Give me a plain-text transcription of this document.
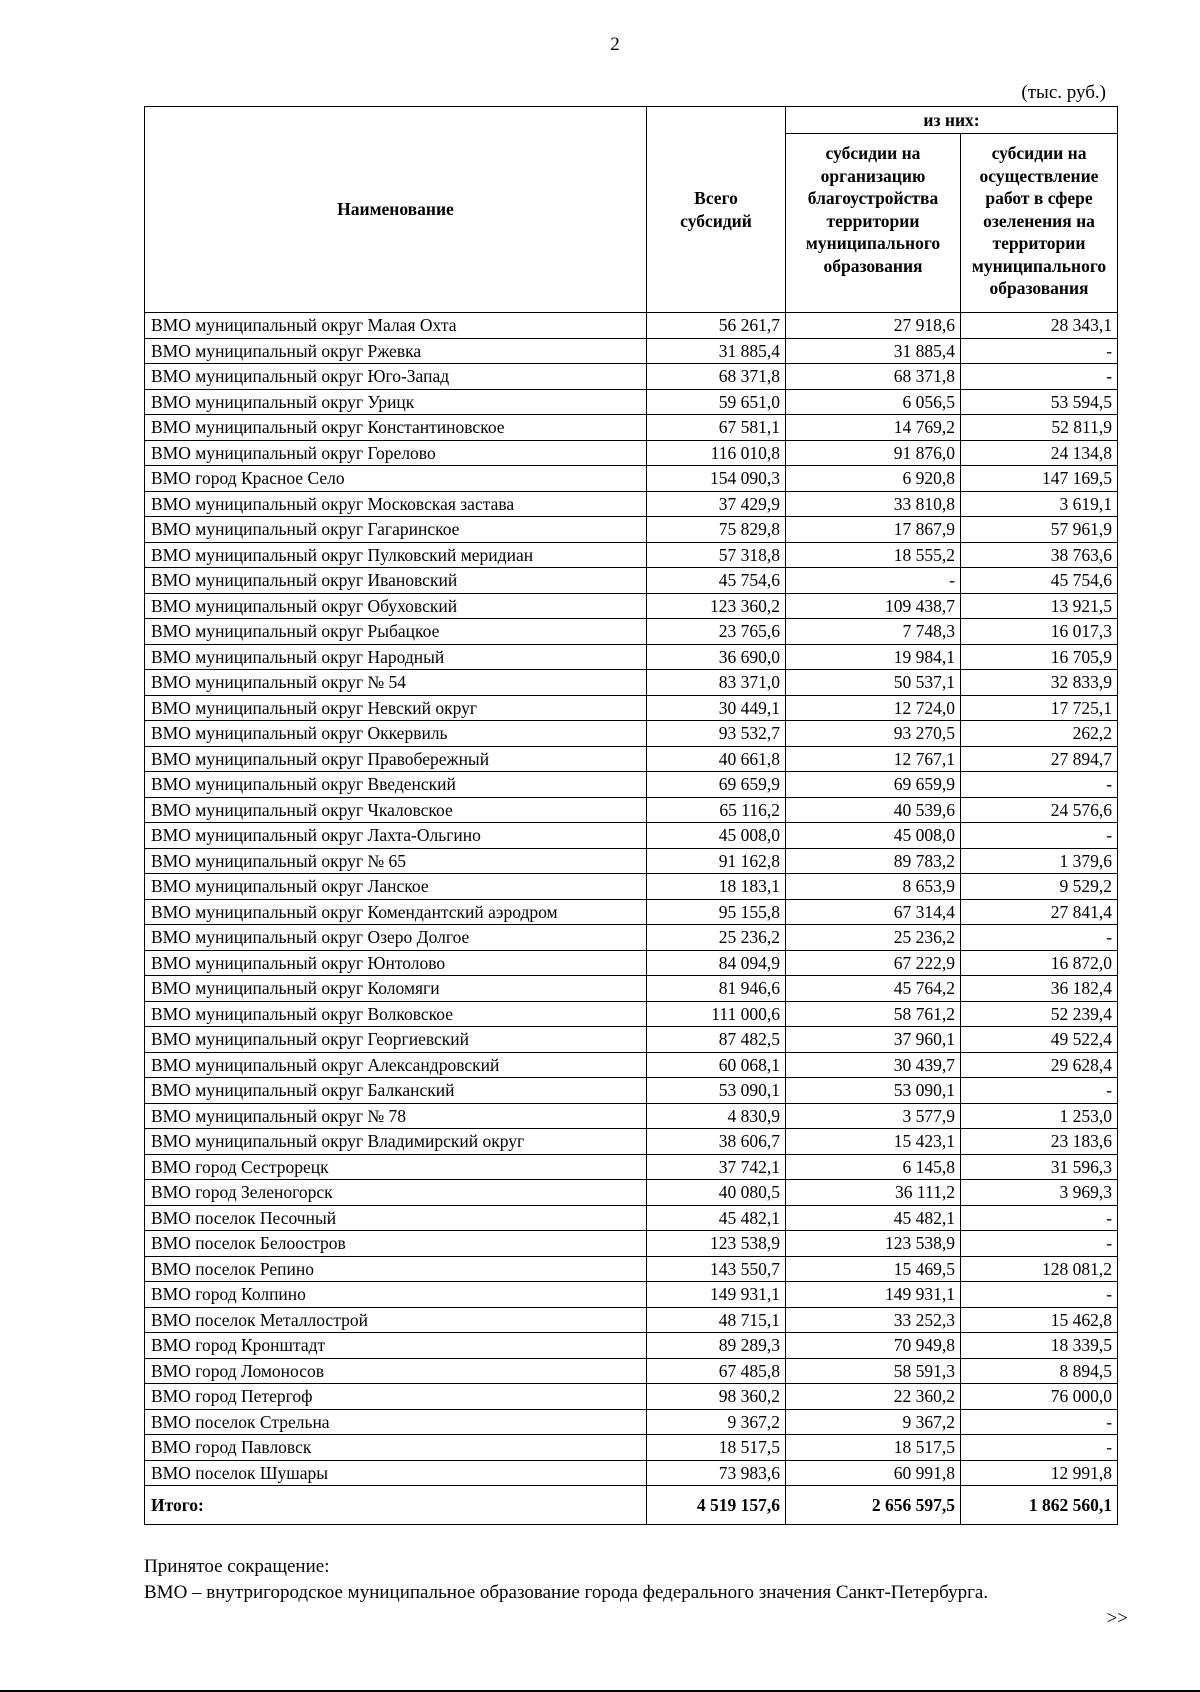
2
(тыс. руб.)
Наименование	Всего субсидий	из них:	
		субсидии на организацию благоустройства территории муниципального образования	субсидии на осуществление работ в сфере озеленения на территории муниципального образования
ВМО муниципальный округ Малая Охта	56 261,7	27 918,6	28 343,1
ВМО муниципальный округ Ржевка	31 885,4	31 885,4	-
ВМО муниципальный округ Юго-Запад	68 371,8	68 371,8	-
ВМО муниципальный округ Урицк	59 651,0	6 056,5	53 594,5
ВМО муниципальный округ Константиновское	67 581,1	14 769,2	52 811,9
ВМО муниципальный округ Горелово	116 010,8	91 876,0	24 134,8
ВМО город Красное Село	154 090,3	6 920,8	147 169,5
ВМО муниципальный округ Московская застава	37 429,9	33 810,8	3 619,1
ВМО муниципальный округ Гагаринское	75 829,8	17 867,9	57 961,9
ВМО муниципальный округ Пулковский меридиан	57 318,8	18 555,2	38 763,6
ВМО муниципальный округ Ивановский	45 754,6	-	45 754,6
ВМО муниципальный округ Обуховский	123 360,2	109 438,7	13 921,5
ВМО муниципальный округ Рыбацкое	23 765,6	7 748,3	16 017,3
ВМО муниципальный округ Народный	36 690,0	19 984,1	16 705,9
ВМО муниципальный округ № 54	83 371,0	50 537,1	32 833,9
ВМО муниципальный округ Невский округ	30 449,1	12 724,0	17 725,1
ВМО муниципальный округ Оккервиль	93 532,7	93 270,5	262,2
ВМО муниципальный округ Правобережный	40 661,8	12 767,1	27 894,7
ВМО муниципальный округ Введенский	69 659,9	69 659,9	-
ВМО муниципальный округ Чкаловское	65 116,2	40 539,6	24 576,6
ВМО муниципальный округ Лахта-Ольгино	45 008,0	45 008,0	-
ВМО муниципальный округ № 65	91 162,8	89 783,2	1 379,6
ВМО муниципальный округ Ланское	18 183,1	8 653,9	9 529,2
ВМО муниципальный округ Комендантский аэродром	95 155,8	67 314,4	27 841,4
ВМО муниципальный округ Озеро Долгое	25 236,2	25 236,2	-
ВМО муниципальный округ Юнтолово	84 094,9	67 222,9	16 872,0
ВМО муниципальный округ Коломяги	81 946,6	45 764,2	36 182,4
ВМО муниципальный округ Волковское	111 000,6	58 761,2	52 239,4
ВМО муниципальный округ Георгиевский	87 482,5	37 960,1	49 522,4
ВМО муниципальный округ Александровский	60 068,1	30 439,7	29 628,4
ВМО муниципальный округ Балканский	53 090,1	53 090,1	-
ВМО муниципальный округ № 78	4 830,9	3 577,9	1 253,0
ВМО муниципальный округ Владимирский округ	38 606,7	15 423,1	23 183,6
ВМО город Сестрорецк	37 742,1	6 145,8	31 596,3
ВМО город Зеленогорск	40 080,5	36 111,2	3 969,3
ВМО поселок Песочный	45 482,1	45 482,1	-
ВМО поселок Белоостров	123 538,9	123 538,9	-
ВМО поселок Репино	143 550,7	15 469,5	128 081,2
ВМО город Колпино	149 931,1	149 931,1	-
ВМО поселок Металлострой	48 715,1	33 252,3	15 462,8
ВМО город Кронштадт	89 289,3	70 949,8	18 339,5
ВМО город Ломоносов	67 485,8	58 591,3	8 894,5
ВМО город Петергоф	98 360,2	22 360,2	76 000,0
ВМО поселок Стрельна	9 367,2	9 367,2	-
ВМО город Павловск	18 517,5	18 517,5	-
ВМО поселок Шушары	73 983,6	60 991,8	12 991,8
Итого:	4 519 157,6	2 656 597,5	1 862 560,1
Принятое сокращение:
ВМО – внутригородское муниципальное образование города федерального значения Санкт-Петербурга.
>>
